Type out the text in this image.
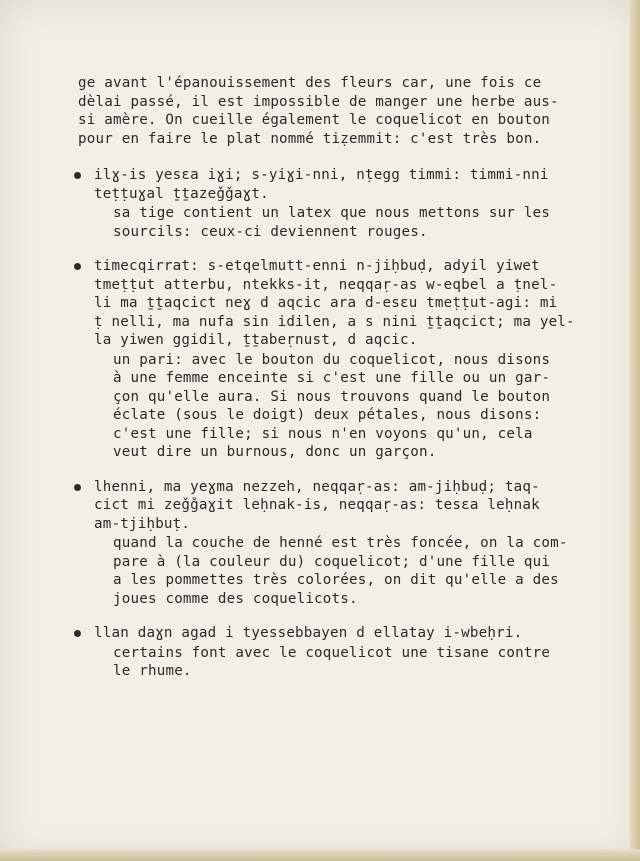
ge avant l'épanouissement des fleurs car, une fois ce
dèlai passé, il est impossible de manger une herbe aus-
si amère. On cueille également le coquelicot en bouton
pour en faire le plat nommé tiẓemmit: c'est très bon.
ilɣ-is yesεa iɣi; s-yiɣi-nni, nṭegg timmi: timmi-nni
teṭṭuɣal ṯṯazeǧǧaɣt.
sa tige contient un latex que nous mettons sur les
sourcils: ceux-ci deviennent rouges.
timecqirrat: s-etqelmutt-enni n-jiḥbuḍ, adyil yiwet
tmeṭṭut atterbu, ntekks-it, neqqaṛ-as w-eqbel a ṭnel-
li ma ṯṯaqcict neɣ d aqcic ara d-esεu tmeṭṭut-agi: mi
ṭ nelli, ma nufa sin idilen, a s nini ṯṯaqcict; ma yel-
la yiwen ggidil, ṯṯabeṛnust, d aqcic.
un pari: avec le bouton du coquelicot, nous disons
à une femme enceinte si c'est une fille ou un gar-
çon qu'elle aura. Si nous trouvons quand le bouton
éclate (sous le doigt) deux pétales, nous disons:
c'est une fille; si nous n'en voyons qu'un, cela
veut dire un burnous, donc un garçon.
lhenni, ma yeɣma nezzeh, neqqaṛ-as: am-jiḥbuḍ; taq-
cict mi zeǧǧaɣit leḥnak-is, neqqaṛ-as: tesεa leḥnak
am-tjiḥbuṭ.
quand la couche de henné est très foncée, on la com-
pare à (la couleur du) coquelicot; d'une fille qui
a les pommettes très colorées, on dit qu'elle a des
joues comme des coquelicots.
llan daɣn agad i tyessebbayen d ellatay i-wbeḥri.
certains font avec le coquelicot une tisane contre
le rhume.
